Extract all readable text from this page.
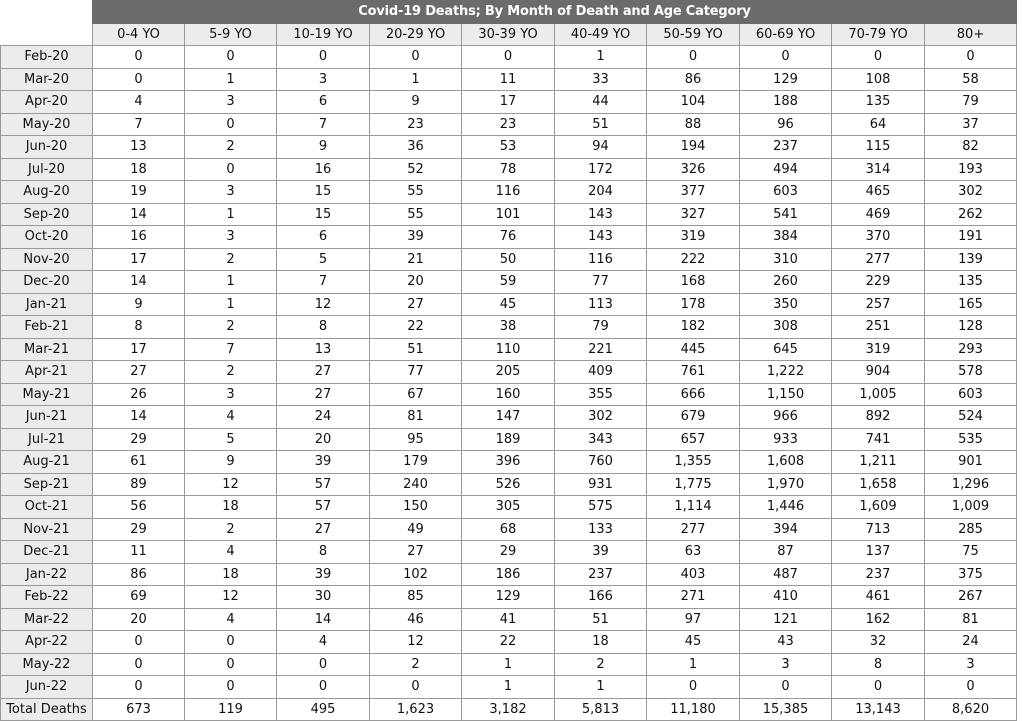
	Covid-19 Deaths; By Month of Death and Age Category									
	0-4 YO	5-9 YO	10-19 YO	20-29 YO	30-39 YO	40-49 YO	50-59 YO	60-69 YO	70-79 YO	80+
Feb-20	0	0	0	0	0	1	0	0	0	0
Mar-20	0	1	3	1	11	33	86	129	108	58
Apr-20	4	3	6	9	17	44	104	188	135	79
May-20	7	0	7	23	23	51	88	96	64	37
Jun-20	13	2	9	36	53	94	194	237	115	82
Jul-20	18	0	16	52	78	172	326	494	314	193
Aug-20	19	3	15	55	116	204	377	603	465	302
Sep-20	14	1	15	55	101	143	327	541	469	262
Oct-20	16	3	6	39	76	143	319	384	370	191
Nov-20	17	2	5	21	50	116	222	310	277	139
Dec-20	14	1	7	20	59	77	168	260	229	135
Jan-21	9	1	12	27	45	113	178	350	257	165
Feb-21	8	2	8	22	38	79	182	308	251	128
Mar-21	17	7	13	51	110	221	445	645	319	293
Apr-21	27	2	27	77	205	409	761	1,222	904	578
May-21	26	3	27	67	160	355	666	1,150	1,005	603
Jun-21	14	4	24	81	147	302	679	966	892	524
Jul-21	29	5	20	95	189	343	657	933	741	535
Aug-21	61	9	39	179	396	760	1,355	1,608	1,211	901
Sep-21	89	12	57	240	526	931	1,775	1,970	1,658	1,296
Oct-21	56	18	57	150	305	575	1,114	1,446	1,609	1,009
Nov-21	29	2	27	49	68	133	277	394	713	285
Dec-21	11	4	8	27	29	39	63	87	137	75
Jan-22	86	18	39	102	186	237	403	487	237	375
Feb-22	69	12	30	85	129	166	271	410	461	267
Mar-22	20	4	14	46	41	51	97	121	162	81
Apr-22	0	0	4	12	22	18	45	43	32	24
May-22	0	0	0	2	1	2	1	3	8	3
Jun-22	0	0	0	0	1	1	0	0	0	0
Total Deaths	673	119	495	1,623	3,182	5,813	11,180	15,385	13,143	8,620
